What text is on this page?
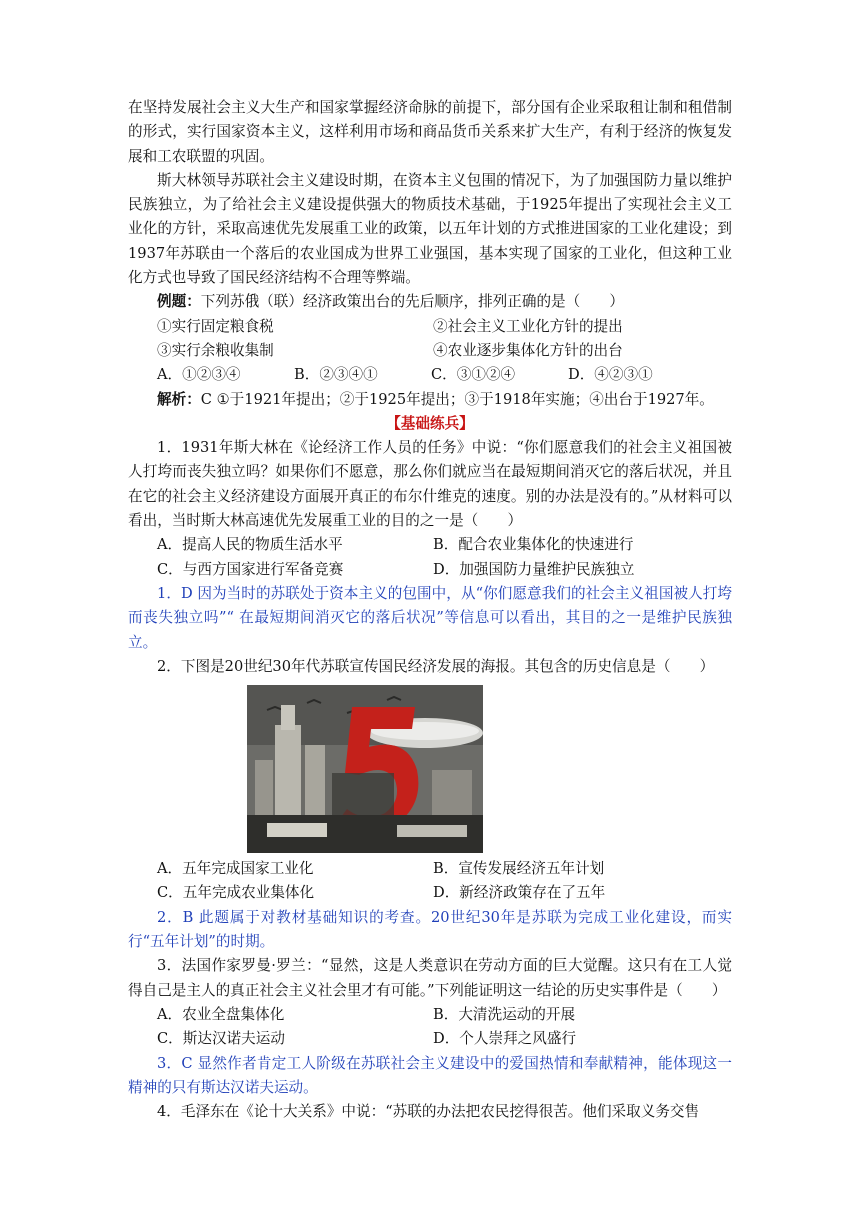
在坚持发展社会主义大生产和国家掌握经济命脉的前提下，部分国有企业采取租让制和租借制的形式，实行国家资本主义，这样利用市场和商品货币关系来扩大生产，有利于经济的恢复发展和工农联盟的巩固。

斯大林领导苏联社会主义建设时期，在资本主义包围的情况下，为了加强国防力量以维护民族独立，为了给社会主义建设提供强大的物质技术基础，于1925年提出了实现社会主义工业化的方针，采取高速优先发展重工业的政策，以五年计划的方式推进国家的工业化建设；到1937年苏联由一个落后的农业国成为世界工业强国，基本实现了国家的工业化，但这种工业化方式也导致了国民经济结构不合理等弊端。

例题：下列苏俄（联）经济政策出台的先后顺序，排列正确的是（　　）

①实行固定粮食税	②社会主义工业化方针的提出
③实行余粮收集制	④农业逐步集体化方针的出台
A．①②③④	B．②③④①	C．③①②④	D．④②③①

解析：C ①于1921年提出；②于1925年提出；③于1918年实施；④出台于1927年。

【基础练兵】

1．1931年斯大林在《论经济工作人员的任务》中说：“你们愿意我们的社会主义祖国被人打垮而丧失独立吗？如果你们不愿意，那么你们就应当在最短期间消灭它的落后状况，并且在它的社会主义经济建设方面展开真正的布尔什维克的速度。别的办法是没有的。”从材料可以看出，当时斯大林高速优先发展重工业的目的之一是（　　）

A．提高人民的物质生活水平	B．配合农业集体化的快速进行
C．与西方国家进行军备竞赛	D．加强国防力量维护民族独立

1．D 因为当时的苏联处于资本主义的包围中，从“你们愿意我们的社会主义祖国被人打垮而丧失独立吗”“ 在最短期间消灭它的落后状况”等信息可以看出，其目的之一是维护民族独立。

2．下图是20世纪30年代苏联宣传国民经济发展的海报。其包含的历史信息是（　　）

A．五年完成国家工业化	B．宣传发展经济五年计划
C．五年完成农业集体化	D．新经济政策存在了五年

2．B 此题属于对教材基础知识的考查。20世纪30年是苏联为完成工业化建设，而实行“五年计划”的时期。

3．法国作家罗曼·罗兰：“显然，这是人类意识在劳动方面的巨大觉醒。这只有在工人觉得自己是主人的真正社会主义社会里才有可能。”下列能证明这一结论的历史实事件是（　　）

A．农业全盘集体化	B．大清洗运动的开展
C．斯达汉诺夫运动	D．个人崇拜之风盛行

3．C 显然作者肯定工人阶级在苏联社会主义建设中的爱国热情和奉献精神，能体现这一精神的只有斯达汉诺夫运动。

4．毛泽东在《论十大关系》中说：“苏联的办法把农民挖得很苦。他们采取义务交售
